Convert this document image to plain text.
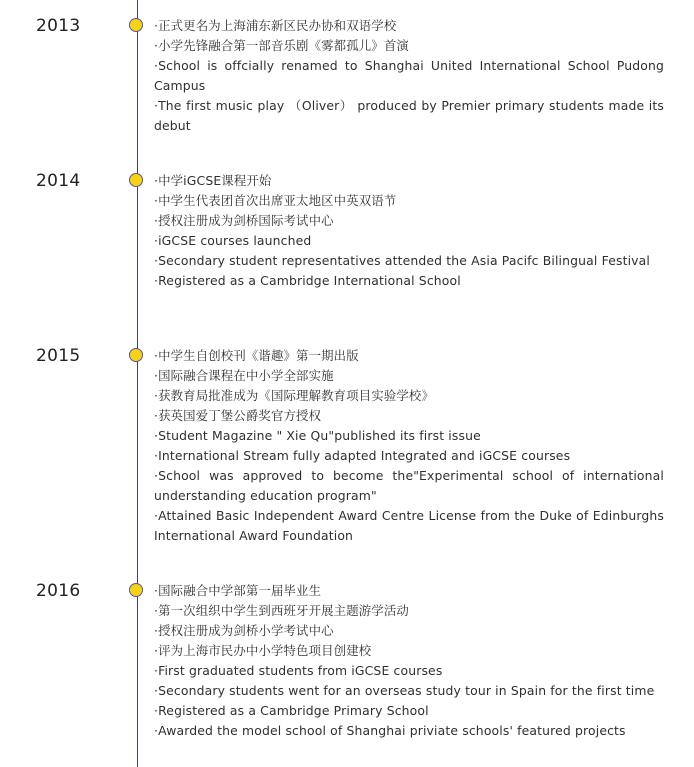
2013	·正式更名为上海浦东新区民办协和双语学校
·小学先锋融合第一部音乐剧《雾都孤儿》首演
·School is offcially renamed to Shanghai United International School Pudong Campus
·The first music play （Oliver） produced by Premier primary students made its debut
2014	·中学iGCSE课程开始
·中学生代表团首次出席亚太地区中英双语节
·授权注册成为剑桥国际考试中心
·iGCSE courses launched
·Secondary student representatives attended the Asia Pacifc Bilingual Festival
·Registered as a Cambridge International School
2015	·中学生自创校刊《谐趣》第一期出版
·国际融合课程在中小学全部实施
·获教育局批准成为《国际理解教育项目实验学校》
·获英国爱丁堡公爵奖官方授权
·Student Magazine " Xie Qu"published its first issue
·International Stream fully adapted Integrated and iGCSE courses
·School was approved to become the"Experimental school of international understanding education program"
·Attained Basic Independent Award Centre License from the Duke of Edinburghs International Award Foundation
2016	·国际融合中学部第一届毕业生
·第一次组织中学生到西班牙开展主题游学活动
·授权注册成为剑桥小学考试中心
·评为上海市民办中小学特色项目创建校
·First graduated students from iGCSE courses
·Secondary students went for an overseas study tour in Spain for the first time
·Registered as a Cambridge Primary School
·Awarded the model school of Shanghai priviate schools' featured projects
